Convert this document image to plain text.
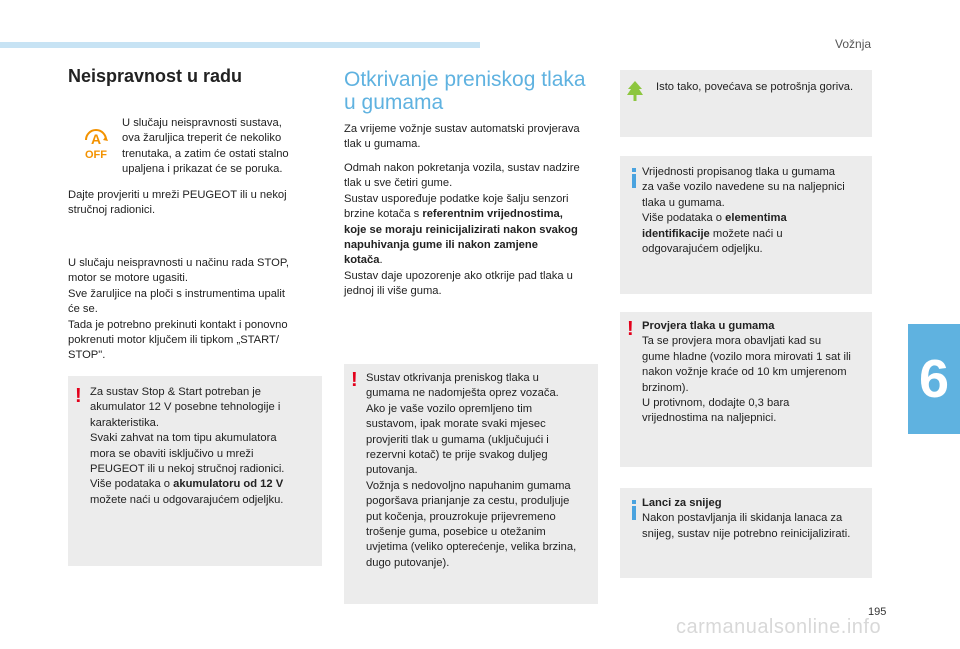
Vožnja
6
195
carmanualsonline.info
Neispravnost u radu
A
OFF

U slučaju neispravnosti sustava,

ova žaruljica treperit će nekoliko

trenutaka, a zatim će ostati stalno

upaljena i prikazat će se poruka.

Dajte provjeriti u mreži PEUGEOT ili u nekoj

stručnoj radionici.

U slučaju neispravnosti u načinu rada STOP,

motor se motore ugasiti.

Sve žaruljice na ploči s instrumentima upalit

će se.

Tada je potrebno prekinuti kontakt i ponovno

pokrenuti motor ključem ili tipkom „START/

STOP".

! Za sustav Stop & Start potreban je

akumulator 12 V posebne tehnologije i

karakteristika.

Svaki zahvat na tom tipu akumulatora

mora se obaviti isključivo u mreži

PEUGEOT ili u nekoj stručnoj radionici.

Više podataka o akumulatoru od 12 V

možete naći u odgovarajućem odjeljku.

Otkrivanje preniskog tlaka
u gumama

Za vrijeme vožnje sustav automatski provjerava

tlak u gumama.

Odmah nakon pokretanja vozila, sustav nadzire

tlak u sve četiri gume.

Sustav uspoređuje podatke koje šalju senzori

brzine kotača s referentnim vrijednostima,

koje se moraju reinicijalizirati nakon svakog

napuhivanja gume ili nakon zamjene

kotača.

Sustav daje upozorenje ako otkrije pad tlaka u

jednoj ili više guma.

! Sustav otkrivanja preniskog tlaka u

gumama ne nadomješta oprez vozača.

Ako je vaše vozilo opremljeno tim

sustavom, ipak morate svaki mjesec

provjeriti tlak u gumama (uključujući i

rezervni kotač) te prije svakog duljeg

putovanja.

Vožnja s nedovoljno napuhanim gumama

pogoršava prianjanje za cestu, produljuje

put kočenja, prouzrokuje prijevremeno

trošenje guma, posebice u otežanim

uvjetima (veliko opterećenje, velika brzina,

dugo putovanje).

Isto tako, povećava se potrošnja goriva.

Vrijednosti propisanog tlaka u gumama

za vaše vozilo navedene su na naljepnici

tlaka u gumama.

Više podataka o elementima

identifikacije možete naći u

odgovarajućem odjeljku.

! Provjera tlaka u gumama

Ta se provjera mora obavljati kad su

gume hladne (vozilo mora mirovati 1 sat ili

nakon vožnje kraće od 10 km umjerenom

brzinom).

U protivnom, dodajte 0,3 bara

vrijednostima na naljepnici.

Lanci za snijeg

Nakon postavljanja ili skidanja lanaca za

snijeg, sustav nije potrebno reinicijalizirati.
